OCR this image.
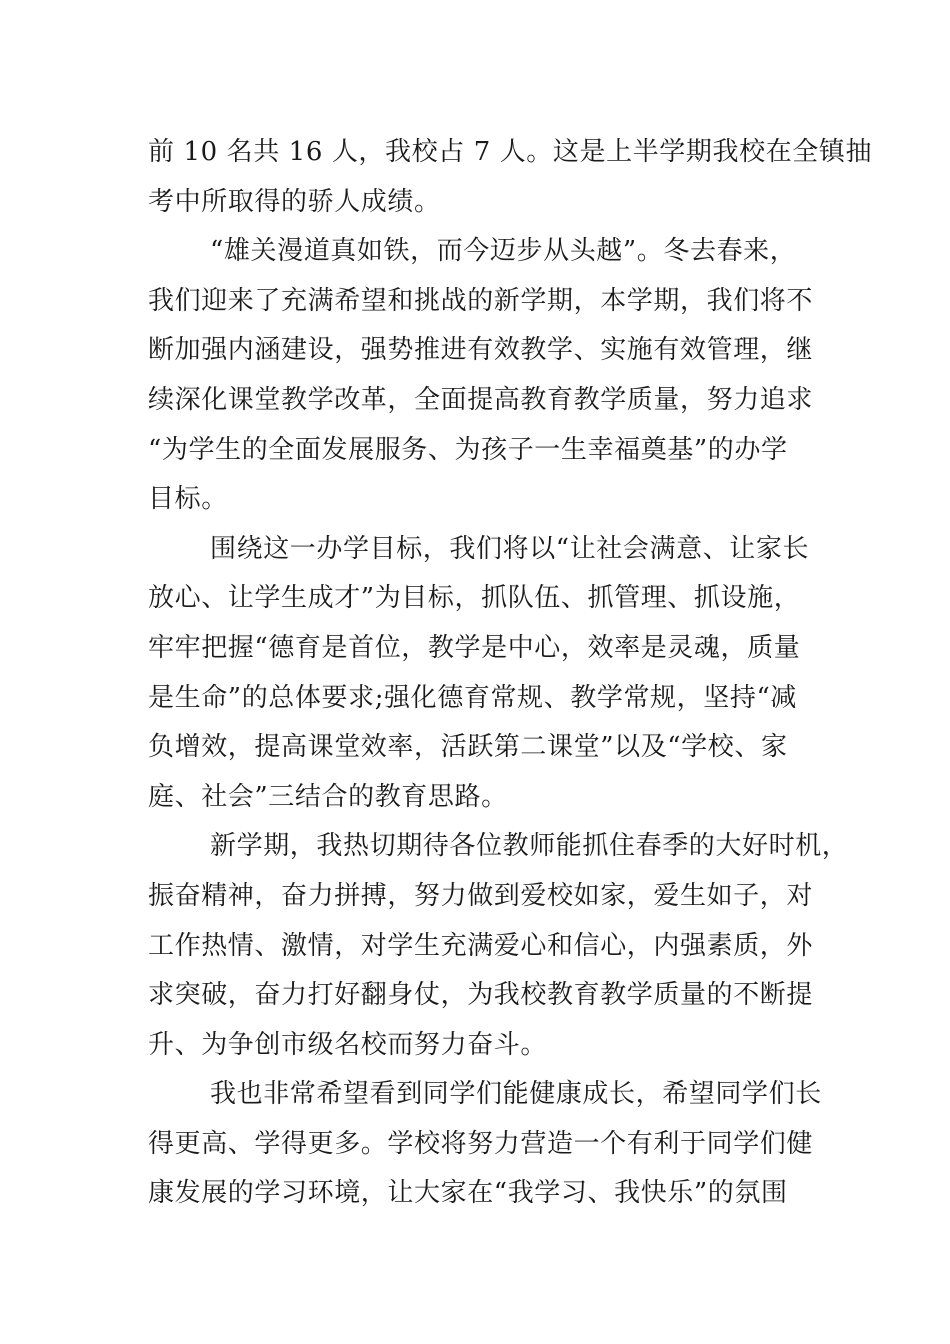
前 10 名共 16 人，我校占 7 人。这是上半学期我校在全镇抽
考中所取得的骄人成绩。

“雄关漫道真如铁，而今迈步从头越”。冬去春来，
我们迎来了充满希望和挑战的新学期，本学期，我们将不
断加强内涵建设，强势推进有效教学、实施有效管理，继
续深化课堂教学改革，全面提高教育教学质量，努力追求
“为学生的全面发展服务、为孩子一生幸福奠基”的办学
目标。

围绕这一办学目标，我们将以“让社会满意、让家长
放心、让学生成才”为目标，抓队伍、抓管理、抓设施，
牢牢把握“德育是首位，教学是中心，效率是灵魂，质量
是生命”的总体要求;强化德育常规、教学常规，坚持“减
负增效，提高课堂效率，活跃第二课堂”以及“学校、家
庭、社会”三结合的教育思路。

新学期，我热切期待各位教师能抓住春季的大好时机，
振奋精神，奋力拼搏，努力做到爱校如家，爱生如子，对
工作热情、激情，对学生充满爱心和信心，内强素质，外
求突破，奋力打好翻身仗，为我校教育教学质量的不断提
升、为争创市级名校而努力奋斗。

我也非常希望看到同学们能健康成长，希望同学们长
得更高、学得更多。学校将努力营造一个有利于同学们健
康发展的学习环境，让大家在“我学习、我快乐”的氛围
